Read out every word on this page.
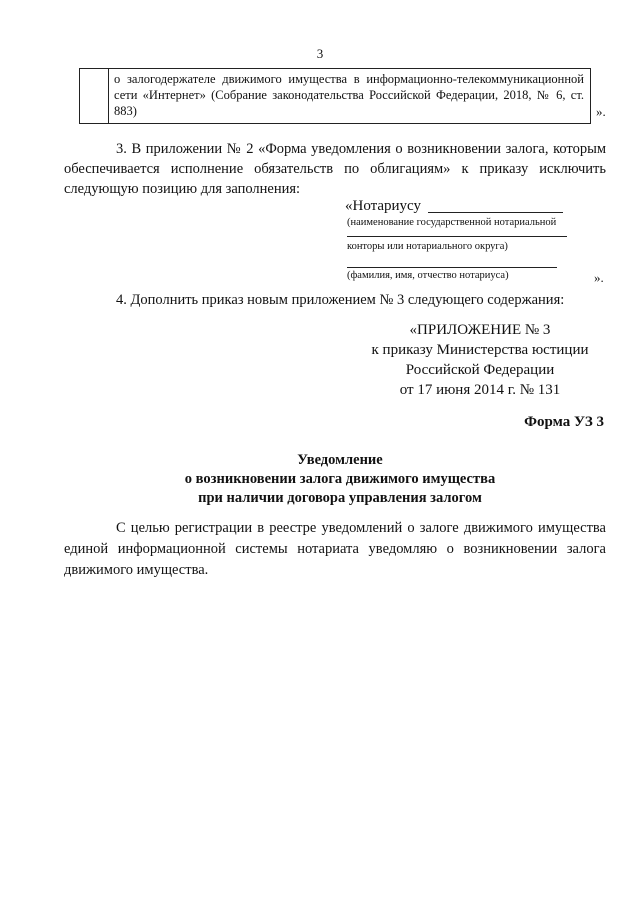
3
о залогодержателе движимого имущества в информационно-телекоммуникационной сети «Интернет» (Собрание законодательства Российской Федерации, 2018, № 6, ст. 883)	».
3. В приложении № 2 «Форма уведомления о возникновении залога, которым обеспечивается исполнение обязательств по облигациям» к приказу исключить следующую позицию для заполнения:
«Нотариусу
(наименование государственной нотариальной
конторы или нотариального округа)
(фамилия, имя, отчество нотариуса)	».
4. Дополнить приказ новым приложением № 3 следующего содержания:
«ПРИЛОЖЕНИЕ № 3
к приказу Министерства юстиции
Российской Федерации
от 17 июня 2014 г. № 131
Форма УЗ 3
Уведомление
о возникновении залога движимого имущества
при наличии договора управления залогом
С целью регистрации в реестре уведомлений о залоге движимого имущества единой информационной системы нотариата уведомляю о возникновении залога движимого имущества.
